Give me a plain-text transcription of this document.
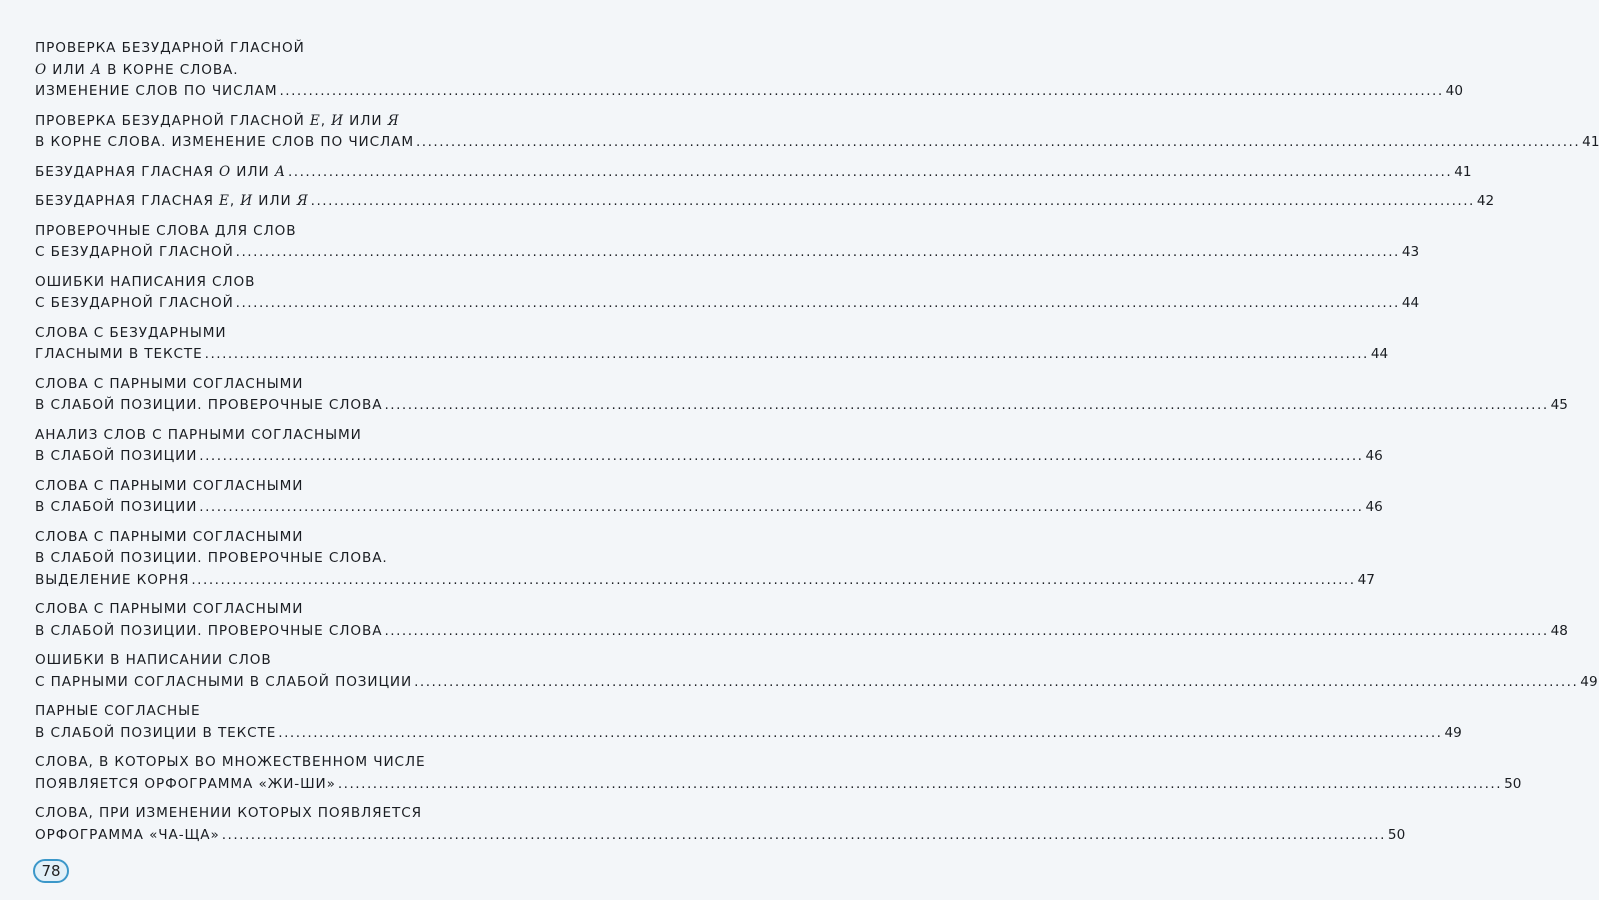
ПРОВЕРКА БЕЗУДАРНОЙ ГЛАСНОЙ
О ИЛИ А В КОРНЕ СЛОВА.
ИЗМЕНЕНИЕ СЛОВ ПО ЧИСЛАМ ........................................................................................................................................................................................................ 40
ПРОВЕРКА БЕЗУДАРНОЙ ГЛАСНОЙ Е, И ИЛИ Я
В КОРНЕ СЛОВА. ИЗМЕНЕНИЕ СЛОВ ПО ЧИСЛАМ ........................................................................................................................................................................................................ 41
БЕЗУДАРНАЯ ГЛАСНАЯ О ИЛИ А ........................................................................................................................................................................................................ 41
БЕЗУДАРНАЯ ГЛАСНАЯ Е, И ИЛИ Я ........................................................................................................................................................................................................ 42
ПРОВЕРОЧНЫЕ СЛОВА ДЛЯ СЛОВ
С БЕЗУДАРНОЙ ГЛАСНОЙ ........................................................................................................................................................................................................ 43
ОШИБКИ НАПИСАНИЯ СЛОВ
С БЕЗУДАРНОЙ ГЛАСНОЙ ........................................................................................................................................................................................................ 44
СЛОВА С БЕЗУДАРНЫМИ
ГЛАСНЫМИ В ТЕКСТЕ ........................................................................................................................................................................................................ 44
СЛОВА С ПАРНЫМИ СОГЛАСНЫМИ
В СЛАБОЙ ПОЗИЦИИ. ПРОВЕРОЧНЫЕ СЛОВА ........................................................................................................................................................................................................ 45
АНАЛИЗ СЛОВ С ПАРНЫМИ СОГЛАСНЫМИ
В СЛАБОЙ ПОЗИЦИИ ........................................................................................................................................................................................................ 46
СЛОВА С ПАРНЫМИ СОГЛАСНЫМИ
В СЛАБОЙ ПОЗИЦИИ ........................................................................................................................................................................................................ 46
СЛОВА С ПАРНЫМИ СОГЛАСНЫМИ
В СЛАБОЙ ПОЗИЦИИ. ПРОВЕРОЧНЫЕ СЛОВА.
ВЫДЕЛЕНИЕ КОРНЯ ........................................................................................................................................................................................................ 47
СЛОВА С ПАРНЫМИ СОГЛАСНЫМИ
В СЛАБОЙ ПОЗИЦИИ. ПРОВЕРОЧНЫЕ СЛОВА ........................................................................................................................................................................................................ 48
ОШИБКИ В НАПИСАНИИ СЛОВ
С ПАРНЫМИ СОГЛАСНЫМИ В СЛАБОЙ ПОЗИЦИИ ........................................................................................................................................................................................................ 49
ПАРНЫЕ СОГЛАСНЫЕ
В СЛАБОЙ ПОЗИЦИИ В ТЕКСТЕ ........................................................................................................................................................................................................ 49
СЛОВА, В КОТОРЫХ ВО МНОЖЕСТВЕННОМ ЧИСЛЕ
ПОЯВЛЯЕТСЯ ОРФОГРАММА «ЖИ-ШИ» ........................................................................................................................................................................................................ 50
СЛОВА, ПРИ ИЗМЕНЕНИИ КОТОРЫХ ПОЯВЛЯЕТСЯ
ОРФОГРАММА «ЧА-ЩА» ........................................................................................................................................................................................................ 50
78
